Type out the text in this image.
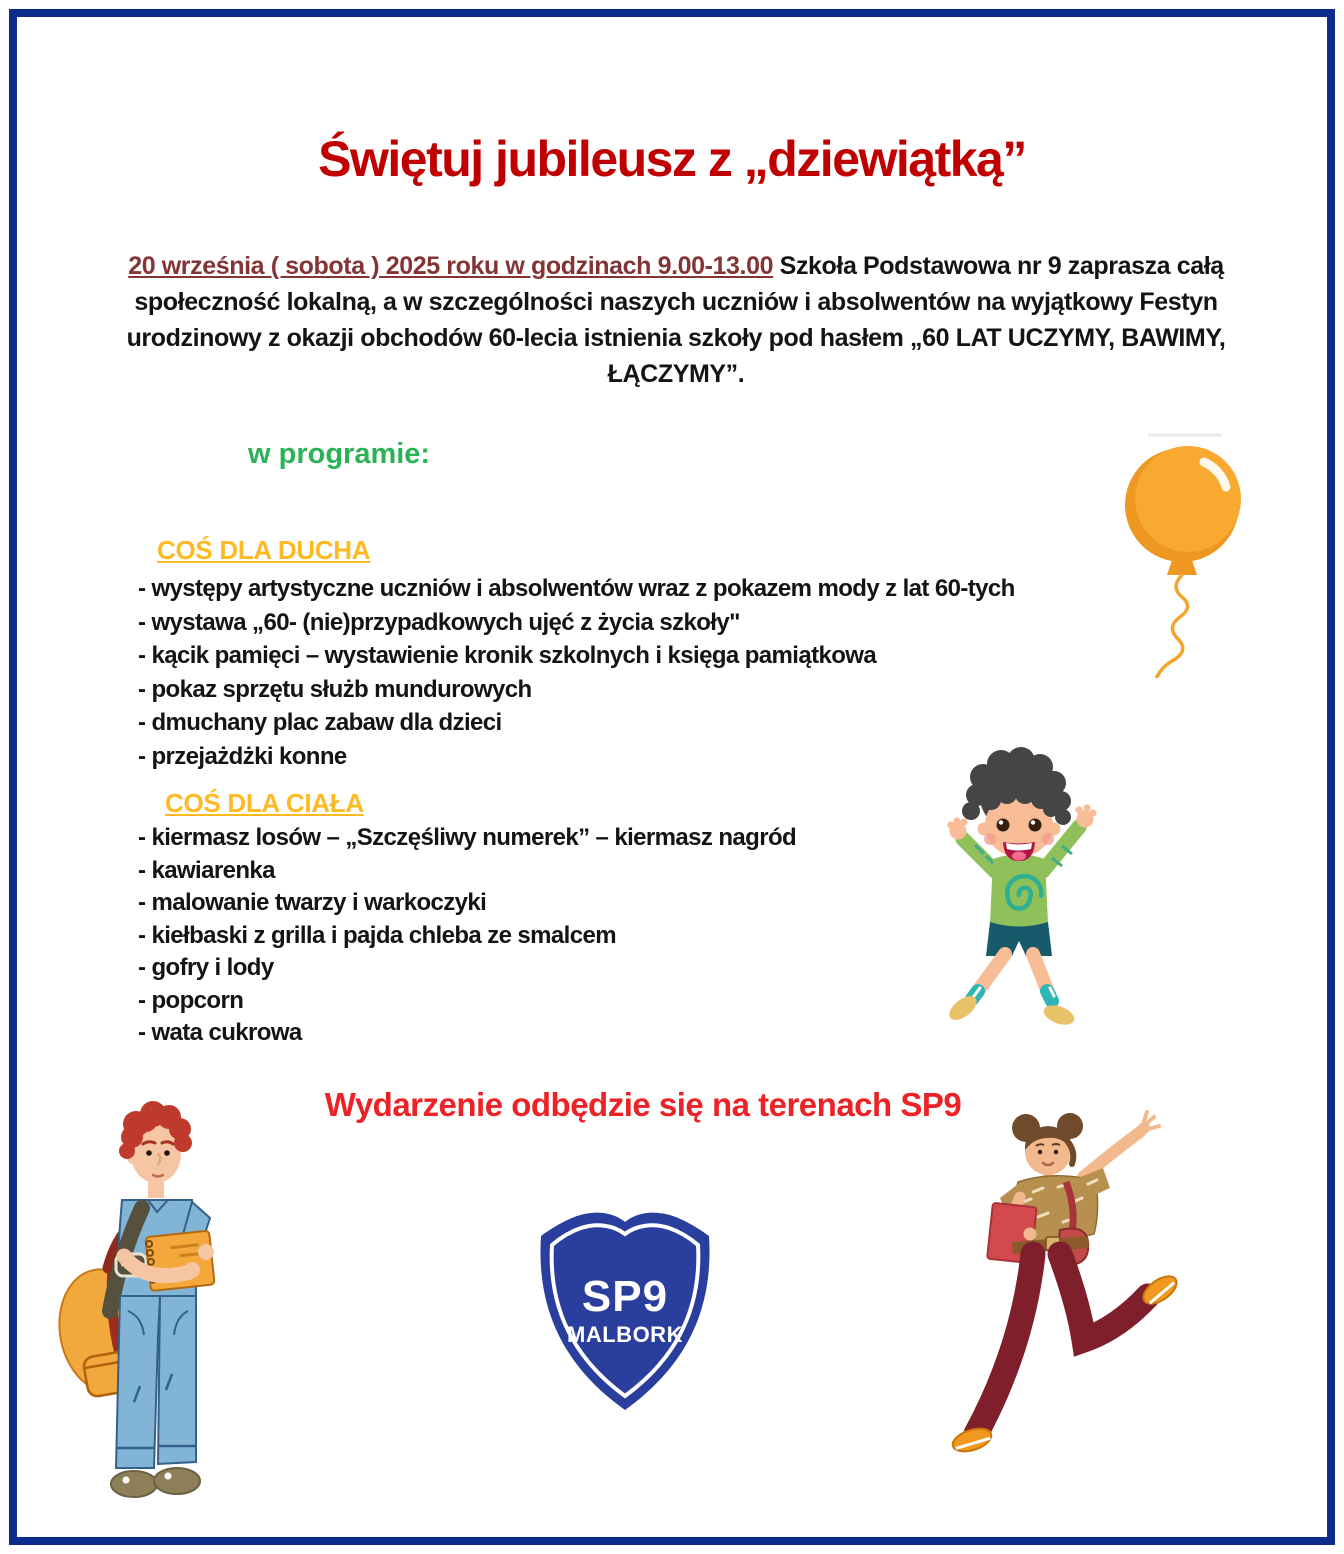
Świętuj jubileusz z „dziewiątką”
20 września ( sobota ) 2025 roku w godzinach 9.00-13.00 Szkoła Podstawowa nr 9 zaprasza całą społeczność lokalną, a w szczególności naszych uczniów i absolwentów na wyjątkowy Festyn urodzinowy z okazji obchodów 60-lecia istnienia szkoły pod hasłem „60 LAT UCZYMY, BAWIMY, ŁĄCZYMY”.
w programie:
COŚ DLA DUCHA
- występy artystyczne uczniów i absolwentów wraz z pokazem mody z lat 60-tych
- wystawa „60- (nie)przypadkowych ujęć z życia szkoły"
- kącik pamięci – wystawienie kronik szkolnych i księga pamiątkowa
- pokaz sprzętu służb mundurowych
- dmuchany plac zabaw dla dzieci
- przejażdżki konne
COŚ DLA CIAŁA
- kiermasz losów – „Szczęśliwy numerek” – kiermasz nagród
- kawiarenka
- malowanie twarzy i warkoczyki
- kiełbaski z grilla i pajda chleba ze smalcem
- gofry i lody
- popcorn
- wata cukrowa
Wydarzenie odbędzie się na terenach SP9
SP9
MALBORK
